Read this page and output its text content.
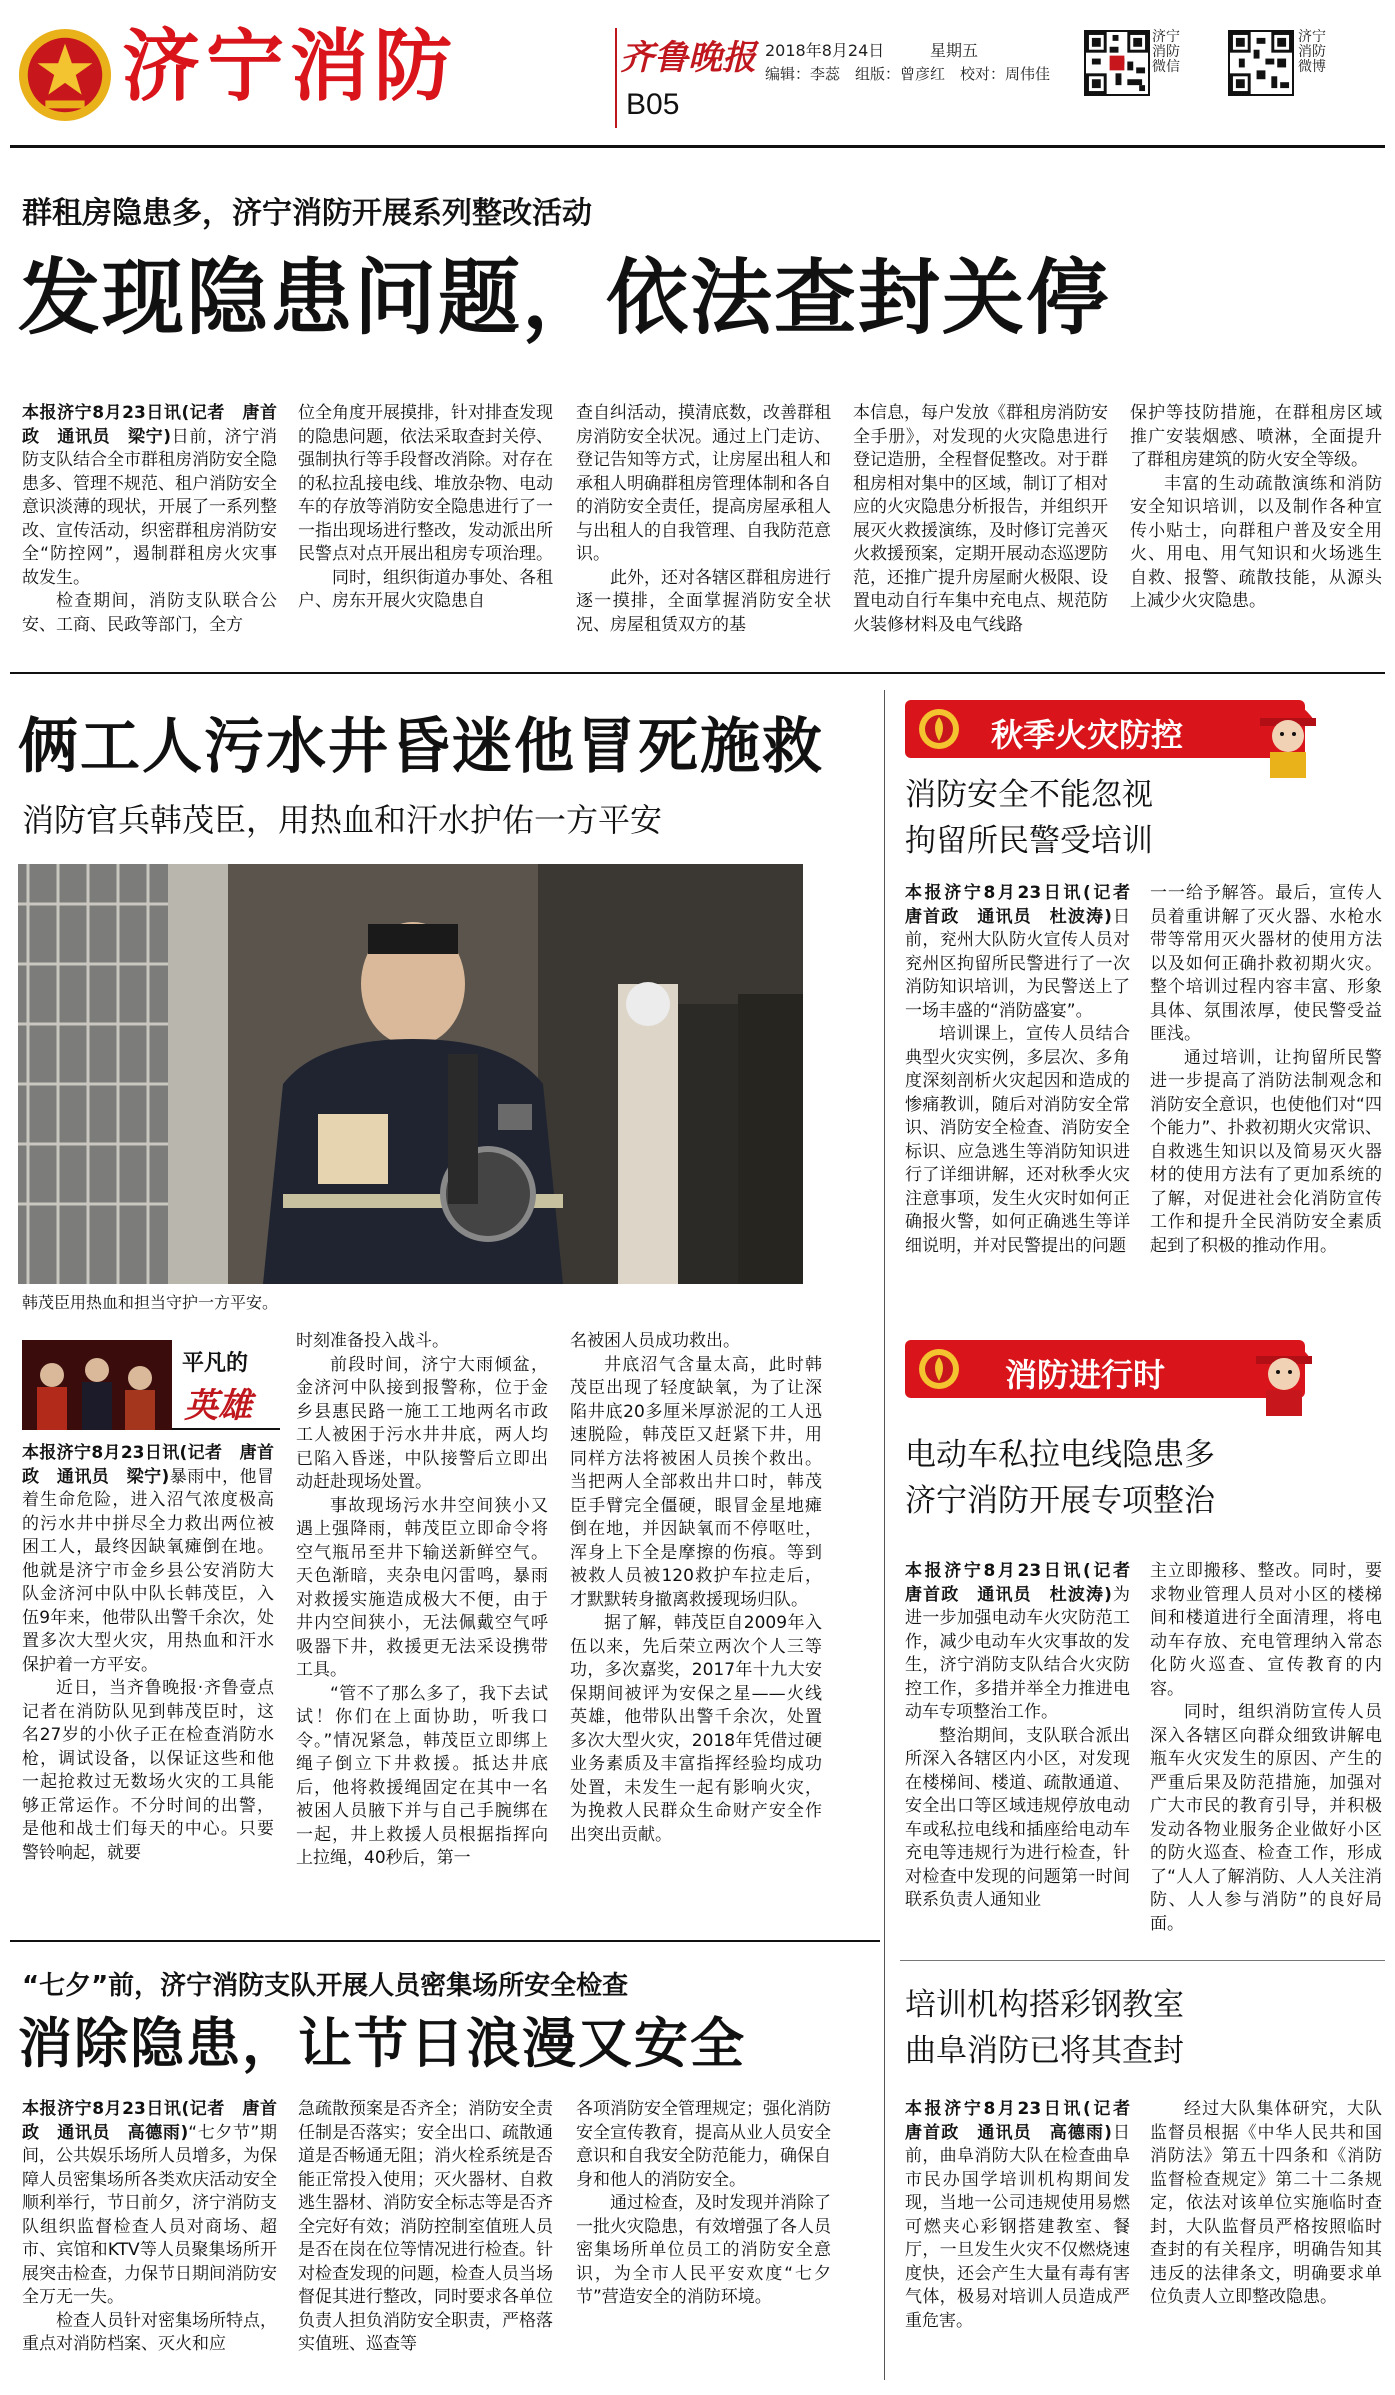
济宁消防	齐鲁晚报
B05
2018年8月24日	星期五
编辑：李蕊　组版：曾彦红　校对：周伟佳
济宁消防微信
济宁消防微博
群租房隐患多，济宁消防开展系列整改活动
发现隐患问题，依法查封关停

本报济宁8月23日讯(记者　唐首政　通讯员　梁宁)日前，济宁消防支队结合全市群租房消防安全隐患多、管理不规范、租户消防安全意识淡薄的现状，开展了一系列整改、宣传活动，织密群租房消防安全“防控网”，遏制群租房火灾事故发生。

检查期间，消防支队联合公安、工商、民政等部门，全方

位全角度开展摸排，针对排查发现的隐患问题，依法采取查封关停、强制执行等手段督改消除。对存在的私拉乱接电线、堆放杂物、电动车的存放等消防安全隐患进行了一一指出现场进行整改，发动派出所民警点对点开展出租房专项治理。

同时，组织街道办事处、各租户、房东开展火灾隐患自

查自纠活动，摸清底数，改善群租房消防安全状况。通过上门走访、登记告知等方式，让房屋出租人和承租人明确群租房管理体制和各自的消防安全责任，提高房屋承租人与出租人的自我管理、自我防范意识。

此外，还对各辖区群租房进行逐一摸排，全面掌握消防安全状况、房屋租赁双方的基

本信息，每户发放《群租房消防安全手册》，对发现的火灾隐患进行登记造册，全程督促整改。对于群租房相对集中的区域，制订了相对应的火灾隐患分析报告，并组织开展灭火救援演练，及时修订完善灭火救援预案，定期开展动态巡逻防范，还推广提升房屋耐火极限、设置电动自行车集中充电点、规范防火装修材料及电气线路

保护等技防措施，在群租房区域推广安装烟感、喷淋，全面提升了群租房建筑的防火安全等级。

丰富的生动疏散演练和消防安全知识培训，以及制作各种宣传小贴士，向群租户普及安全用火、用电、用气知识和火场逃生自救、报警、疏散技能，从源头上减少火灾隐患。

俩工人污水井昏迷他冒死施救
消防官兵韩茂臣，用热血和汗水护佑一方平安
韩茂臣用热血和担当守护一方平安。
平凡的
英雄

本报济宁8月23日讯(记者　唐首政　通讯员　梁宁)暴雨中，他冒着生命危险，进入沼气浓度极高的污水井中拼尽全力救出两位被困工人，最终因缺氧瘫倒在地。他就是济宁市金乡县公安消防大队金济河中队中队长韩茂臣，入伍9年来，他带队出警千余次，处置多次大型火灾，用热血和汗水保护着一方平安。

近日，当齐鲁晚报·齐鲁壹点记者在消防队见到韩茂臣时，这名27岁的小伙子正在检查消防水枪，调试设备，以保证这些和他一起抢救过无数场火灾的工具能够正常运作。不分时间的出警，是他和战士们每天的中心。只要警铃响起，就要

时刻准备投入战斗。

前段时间，济宁大雨倾盆，金济河中队接到报警称，位于金乡县惠民路一施工工地两名市政工人被困于污水井井底，两人均已陷入昏迷，中队接警后立即出动赶赴现场处置。

事故现场污水井空间狭小又遇上强降雨，韩茂臣立即命令将空气瓶吊至井下输送新鲜空气。天色渐暗，夹杂电闪雷鸣，暴雨对救援实施造成极大不便，由于井内空间狭小，无法佩戴空气呼吸器下井，救援更无法采设携带工具。

“管不了那么多了，我下去试试！你们在上面协助，听我口令。”情况紧急，韩茂臣立即绑上绳子倒立下井救援。抵达井底后，他将救援绳固定在其中一名被困人员腋下并与自己手腕绑在一起，井上救援人员根据指挥向上拉绳，40秒后，第一

名被困人员成功救出。

井底沼气含量太高，此时韩茂臣出现了轻度缺氧，为了让深陷井底20多厘米厚淤泥的工人迅速脱险，韩茂臣又赶紧下井，用同样方法将被困人员挨个救出。当把两人全部救出井口时，韩茂臣手臂完全僵硬，眼冒金星地瘫倒在地，并因缺氧而不停呕吐，浑身上下全是摩擦的伤痕。等到被救人员被120救护车拉走后，才默默转身撤离救援现场归队。

据了解，韩茂臣自2009年入伍以来，先后荣立两次个人三等功，多次嘉奖，2017年十九大安保期间被评为安保之星——火线英雄，他带队出警千余次，处置多次大型火灾，2018年凭借过硬业务素质及丰富指挥经验均成功处置，未发生一起有影响火灾，为挽救人民群众生命财产安全作出突出贡献。

秋季火灾防控
消防安全不能忽视
拘留所民警受培训

本报济宁8月23日讯(记者　唐首政　通讯员　杜波涛)日前，兖州大队防火宣传人员对兖州区拘留所民警进行了一次消防知识培训，为民警送上了一场丰盛的“消防盛宴”。

培训课上，宣传人员结合典型火灾实例，多层次、多角度深刻剖析火灾起因和造成的惨痛教训，随后对消防安全常识、消防安全检查、消防安全标识、应急逃生等消防知识进行了详细讲解，还对秋季火灾注意事项，发生火灾时如何正确报火警，如何正确逃生等详细说明，并对民警提出的问题

一一给予解答。最后，宣传人员着重讲解了灭火器、水枪水带等常用灭火器材的使用方法以及如何正确扑救初期火灾。整个培训过程内容丰富、形象具体、氛围浓厚，使民警受益匪浅。

通过培训，让拘留所民警进一步提高了消防法制观念和消防安全意识，也使他们对“四个能力”、扑救初期火灾常识、自救逃生知识以及简易灭火器材的使用方法有了更加系统的了解，对促进社会化消防宣传工作和提升全民消防安全素质起到了积极的推动作用。

消防进行时
电动车私拉电线隐患多
济宁消防开展专项整治

本报济宁8月23日讯(记者　唐首政　通讯员　杜波涛)为进一步加强电动车火灾防范工作，减少电动车火灾事故的发生，济宁消防支队结合火灾防控工作，多措并举全力推进电动车专项整治工作。

整治期间，支队联合派出所深入各辖区内小区，对发现在楼梯间、楼道、疏散通道、安全出口等区域违规停放电动车或私拉电线和插座给电动车充电等违规行为进行检查，针对检查中发现的问题第一时间联系负责人通知业

主立即搬移、整改。同时，要求物业管理人员对小区的楼梯间和楼道进行全面清理，将电动车存放、充电管理纳入常态化防火巡查、宣传教育的内容。

同时，组织消防宣传人员深入各辖区向群众细致讲解电瓶车火灾发生的原因、产生的严重后果及防范措施，加强对广大市民的教育引导，并积极发动各物业服务企业做好小区的防火巡查、检查工作，形成了“人人了解消防、人人关注消防、人人参与消防”的良好局面。

培训机构搭彩钢教室
曲阜消防已将其查封

本报济宁8月23日讯(记者　唐首政　通讯员　高德雨)日前，曲阜消防大队在检查曲阜市民办国学培训机构期间发现，当地一公司违规使用易燃可燃夹心彩钢搭建教室、餐厅，一旦发生火灾不仅燃烧速度快，还会产生大量有毒有害气体，极易对培训人员造成严重危害。

经过大队集体研究，大队监督员根据《中华人民共和国消防法》第五十四条和《消防监督检查规定》第二十二条规定，依法对该单位实施临时查封，大队监督员严格按照临时查封的有关程序，明确告知其违反的法律条文，明确要求单位负责人立即整改隐患。

“七夕”前，济宁消防支队开展人员密集场所安全检查
消除隐患，让节日浪漫又安全

本报济宁8月23日讯(记者　唐首政　通讯员　高德雨)“七夕节”期间，公共娱乐场所人员增多，为保障人员密集场所各类欢庆活动安全顺利举行，节日前夕，济宁消防支队组织监督检查人员对商场、超市、宾馆和KTV等人员聚集场所开展突击检查，力保节日期间消防安全万无一失。

检查人员针对密集场所特点，重点对消防档案、灭火和应

急疏散预案是否齐全；消防安全责任制是否落实；安全出口、疏散通道是否畅通无阻；消火栓系统是否能正常投入使用；灭火器材、自救逃生器材、消防安全标志等是否齐全完好有效；消防控制室值班人员是否在岗在位等情况进行检查。针对检查发现的问题，检查人员当场督促其进行整改，同时要求各单位负责人担负消防安全职责，严格落实值班、巡查等

各项消防安全管理规定；强化消防安全宣传教育，提高从业人员安全意识和自我安全防范能力，确保自身和他人的消防安全。

通过检查，及时发现并消除了一批火灾隐患，有效增强了各人员密集场所单位员工的消防安全意识，为全市人民平安欢度“七夕节”营造安全的消防环境。
